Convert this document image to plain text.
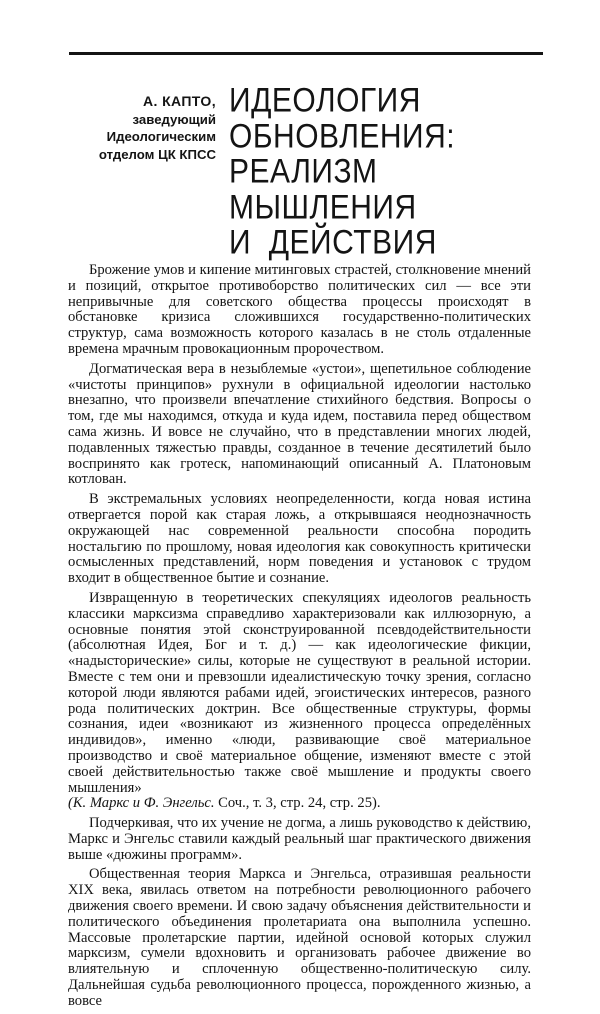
А. КАПТО,
заведующий
Идеологическим
отделом ЦК КПСС
ИДЕОЛОГИЯ
ОБНОВЛЕНИЯ:
РЕАЛИЗМ
МЫШЛЕНИЯ
И  ДЕЙСТВИЯ

Брожение умов и кипение митинговых страстей, столкновение мнений и позиций, открытое противоборство политических сил — все эти непривычные для советского общества процессы происходят в обстановке кризиса сложившихся государственно-политических структур, сама возможность которого казалась в не столь отдаленные времена мрачным провокационным пророчеством.

Догматическая вера в незыблемые «устои», щепетильное соблюдение «чистоты принципов» рухнули в официальной идеологии настолько внезапно, что произвели впечатление стихийного бедствия. Вопросы о том, где мы находимся, откуда и куда идем, поставила перед обществом сама жизнь. И вовсе не случайно, что в представлении многих людей, подавленных тяжестью правды, созданное в течение десятилетий было воспринято как гротеск, напоминающий описанный А. Платоновым котлован.

В экстремальных условиях неопределенности, когда новая истина отвергается порой как старая ложь, а открывшаяся неоднозначность окружающей нас современной реальности способна породить ностальгию по прошлому, новая идеология как совокупность критически осмысленных представлений, норм поведения и установок с трудом входит в общественное бытие и сознание.

Извращенную в теоретических спекуляциях идеологов реальность классики марксизма справедливо характеризовали как иллюзорную, а основные понятия этой сконструированной псевдодействительности (абсолютная Идея, Бог и т. д.) — как идеологические фикции, «надысторические» силы, которые не существуют в реальной истории. Вместе с тем они и превзошли идеалистическую точку зрения, согласно которой люди являются рабами идей, эгоистических интересов, разного рода политических доктрин. Все общественные структуры, формы сознания, идеи «возникают из жизненного процесса определённых индивидов», именно «люди, развивающие своё материальное производство и своё материальное общение, изменяют вместе с этой своей действительностью также своё мышление и продукты своего мышления»
(К. Маркс и Ф. Энгельс. Соч., т. 3, стр. 24, стр. 25).

Подчеркивая, что их учение не догма, а лишь руководство к действию, Маркс и Энгельс ставили каждый реальный шаг практического движения выше «дюжины программ».

Общественная теория Маркса и Энгельса, отразившая реальности XIX века, явилась ответом на потребности революционного рабочего движения своего времени. И свою задачу объяснения действительности и политического объединения пролетариата она выполнила успешно. Массовые пролетарские партии, идейной основой которых служил марксизм, сумели вдохновить и организовать рабочее движение во влиятельную и сплоченную общественно-политическую силу. Дальнейшая судьба революционного процесса, порожденного жизнью, а вовсе
